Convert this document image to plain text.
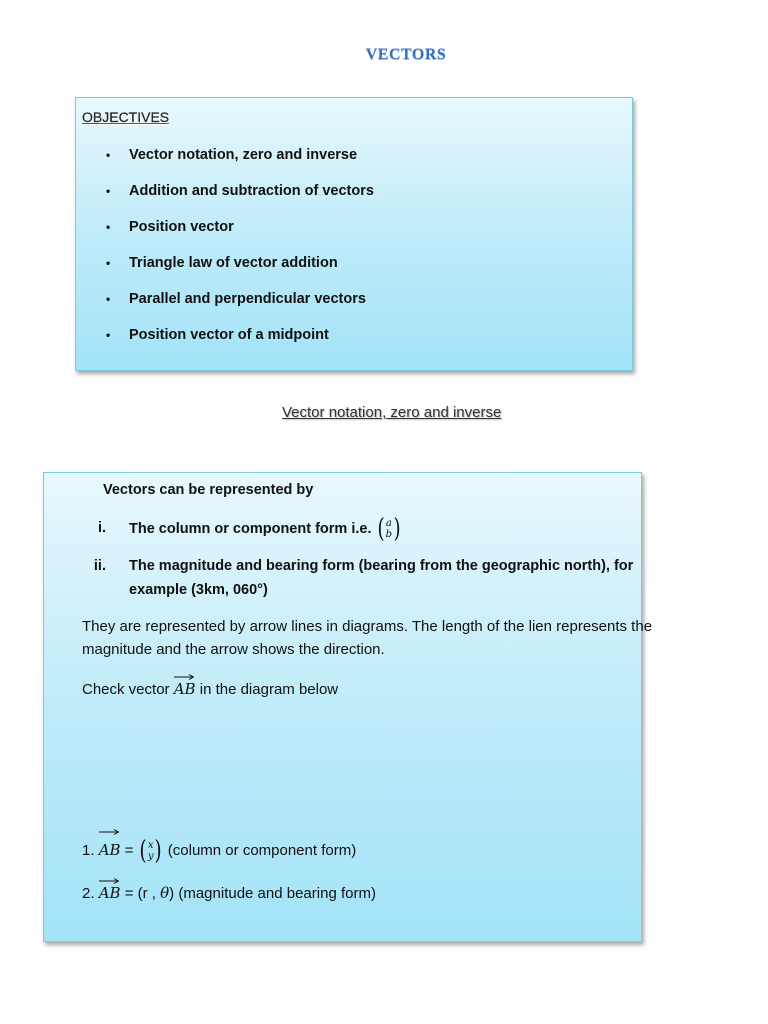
VECTORS
OBJECTIVES
• Vector notation, zero and inverse
• Addition and subtraction of vectors
• Position vector
• Triangle law of vector addition
• Parallel and perpendicular vectors
• Position vector of a midpoint
Vector notation, zero and inverse
Vectors can be represented by
i. The column or component form i.e. ( a
b )
ii. The magnitude and bearing form (bearing from the geographic north), for
example (3km, 060°)
They are represented by arrow lines in diagrams. The length of the lien represents the
magnitude and the arrow shows the direction.
Check vector
AB in the diagram below
1.
AB = ( x
y ) (column or component form)
2.
AB = (r , θ) (magnitude and bearing form)
